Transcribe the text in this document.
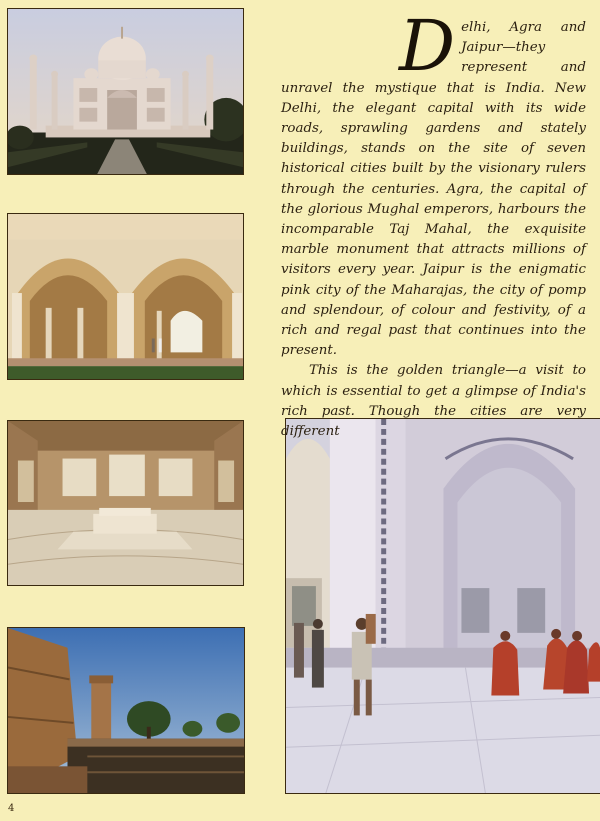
D elhi, Agra and Jaipur—they represent and unravel the mystique that is India. New Delhi, the elegant capital with its wide roads, sprawling gardens and stately buildings, stands on the site of seven historical cities built by the visionary rulers through the centuries. Agra, the capital of the glorious Mughal emperors, harbours the incomparable Taj Mahal, the exquisite marble monument that attracts millions of visitors every year. Jaipur is the enigmatic pink city of the Maharajas, the city of pomp and splendour, of colour and festivity, of a rich and regal past that continues into the present.

This is the golden triangle—a visit to which is essential to get a glimpse of India's rich past. Though the cities are very different

4
